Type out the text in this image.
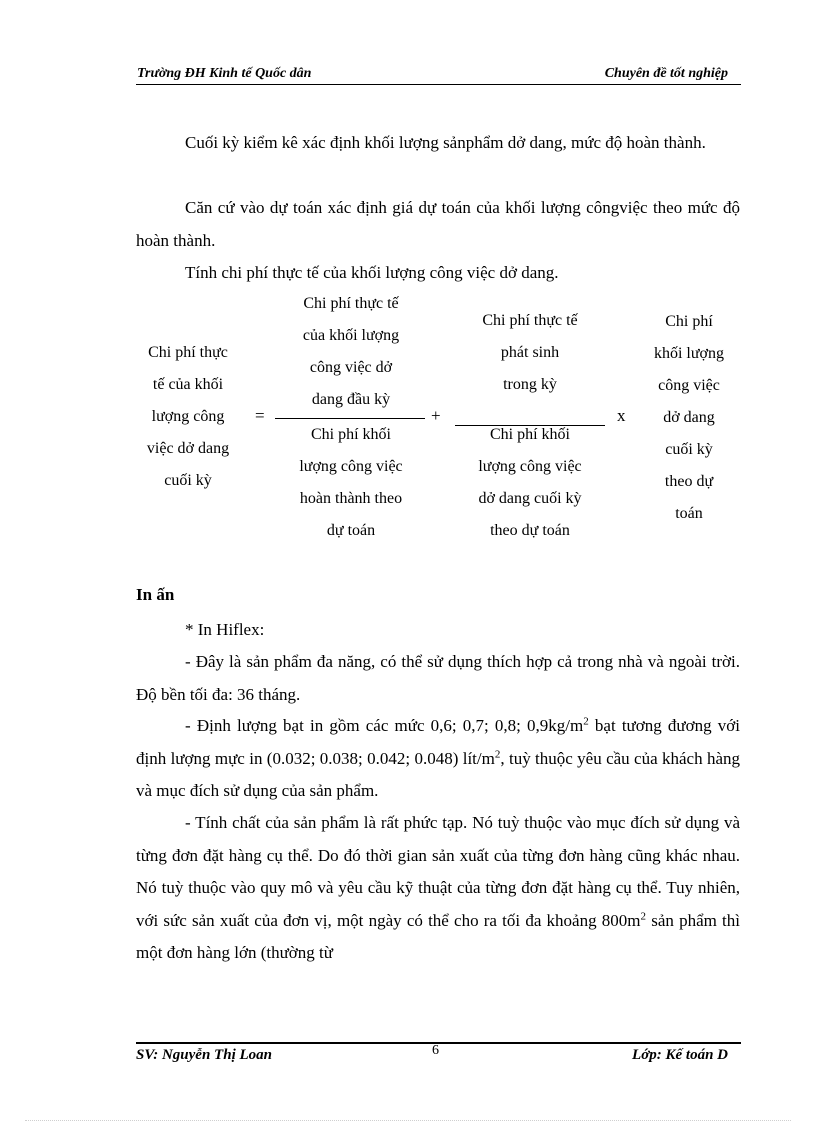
Trường ĐH Kinh tế Quốc dân	Chuyên đề tốt nghiệp
Cuối kỳ kiểm kê xác định khối lượng sảnphẩm dở dang, mức độ hoàn thành.
Căn cứ vào dự toán xác định giá dự toán của khối lượng côngviệc theo mức độ hoàn thành.
Tính chi phí thực tế của khối lượng công việc dở dang.
Chi phí thực
tế của khối
lượng công
việc dở dang
cuối kỳ
=
Chi phí thực tế
của khối lượng
công việc dở
dang đầu kỳ
Chi phí khối
lượng công việc
hoàn thành theo
dự toán
+
Chi phí thực tế
phát sinh
trong kỳ
Chi phí khối
lượng công việc
dở dang cuối kỳ
theo dự toán
x
Chi phí
khối lượng
công việc
dở dang
cuối kỳ
theo dự
toán
In ấn
* In Hiflex:
- Đây là sản phẩm đa năng, có thể sử dụng thích hợp cả trong nhà và ngoài trời. Độ bền tối đa: 36 tháng.
- Định lượng bạt in gồm các mức 0,6; 0,7; 0,8; $0,9kg/m^2$ bạt tương đương với định lượng mực in (0.032; 0.038; 0.042; 0.048) lít/$m^2$, tuỳ thuộc yêu cầu của khách hàng và mục đích sử dụng của sản phẩm.
- Tính chất của sản phẩm là rất phức tạp. Nó tuỳ thuộc vào mục đích sử dụng và từng đơn đặt hàng cụ thể. Do đó thời gian sản xuất của từng đơn hàng cũng khác nhau. Nó tuỳ thuộc vào quy mô và yêu cầu kỹ thuật của từng đơn đặt hàng cụ thể. Tuy nhiên, với sức sản xuất của đơn vị, một ngày có thể cho ra tối đa khoảng $800m^2$ sản phẩm thì một đơn hàng lớn (thường từ
SV: Nguyễn Thị Loan	6	Lớp: Kế toán D
